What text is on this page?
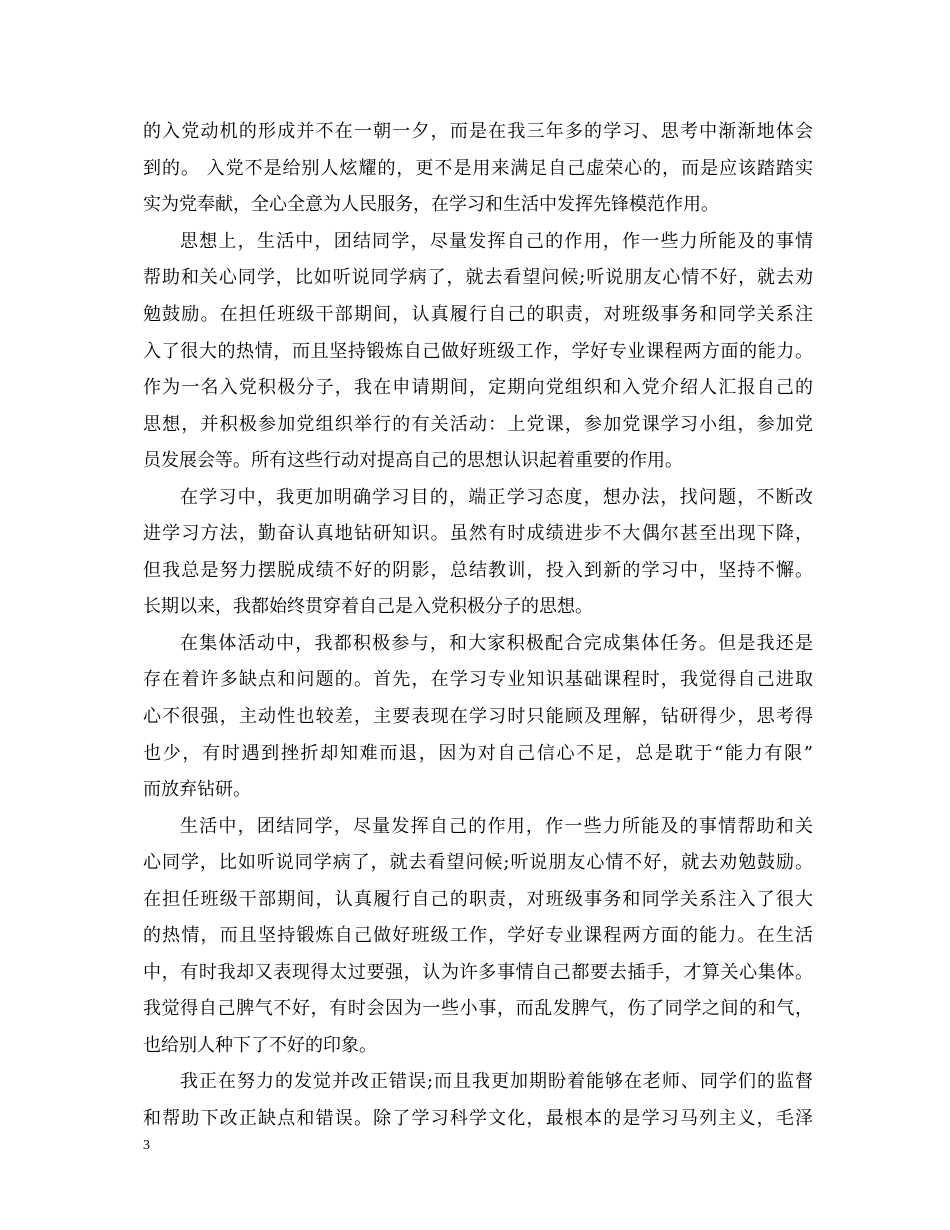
的入党动机的形成并不在一朝一夕，而是在我三年多的学习、思考中渐渐地体会
到的。 入党不是给别人炫耀的，更不是用来满足自己虚荣心的，而是应该踏踏实
实为党奉献，全心全意为人民服务，在学习和生活中发挥先锋模范作用。
思想上，生活中，团结同学，尽量发挥自己的作用，作一些力所能及的事情
帮助和关心同学，比如听说同学病了，就去看望问候;听说朋友心情不好，就去劝
勉鼓励。在担任班级干部期间，认真履行自己的职责，对班级事务和同学关系注
入了很大的热情，而且坚持锻炼自己做好班级工作，学好专业课程两方面的能力。
作为一名入党积极分子，我在申请期间，定期向党组织和入党介绍人汇报自己的
思想，并积极参加党组织举行的有关活动：上党课，参加党课学习小组，参加党
员发展会等。所有这些行动对提高自己的思想认识起着重要的作用。
在学习中，我更加明确学习目的，端正学习态度，想办法，找问题，不断改
进学习方法，勤奋认真地钻研知识。虽然有时成绩进步不大偶尔甚至出现下降，
但我总是努力摆脱成绩不好的阴影，总结教训，投入到新的学习中，坚持不懈。
长期以来，我都始终贯穿着自己是入党积极分子的思想。
在集体活动中，我都积极参与，和大家积极配合完成集体任务。但是我还是
存在着许多缺点和问题的。首先，在学习专业知识基础课程时，我觉得自己进取
心不很强，主动性也较差，主要表现在学习时只能顾及理解，钻研得少，思考得
也少，有时遇到挫折却知难而退，因为对自己信心不足，总是耽于“能力有限”
而放弃钻研。
生活中，团结同学，尽量发挥自己的作用，作一些力所能及的事情帮助和关
心同学，比如听说同学病了，就去看望问候;听说朋友心情不好，就去劝勉鼓励。
在担任班级干部期间，认真履行自己的职责，对班级事务和同学关系注入了很大
的热情，而且坚持锻炼自己做好班级工作，学好专业课程两方面的能力。在生活
中，有时我却又表现得太过要强，认为许多事情自己都要去插手，才算关心集体。
我觉得自己脾气不好，有时会因为一些小事，而乱发脾气，伤了同学之间的和气，
也给别人种下了不好的印象。
我正在努力的发觉并改正错误;而且我更加期盼着能够在老师、同学们的监督
和帮助下改正缺点和错误。除了学习科学文化，最根本的是学习马列主义，毛泽
3
